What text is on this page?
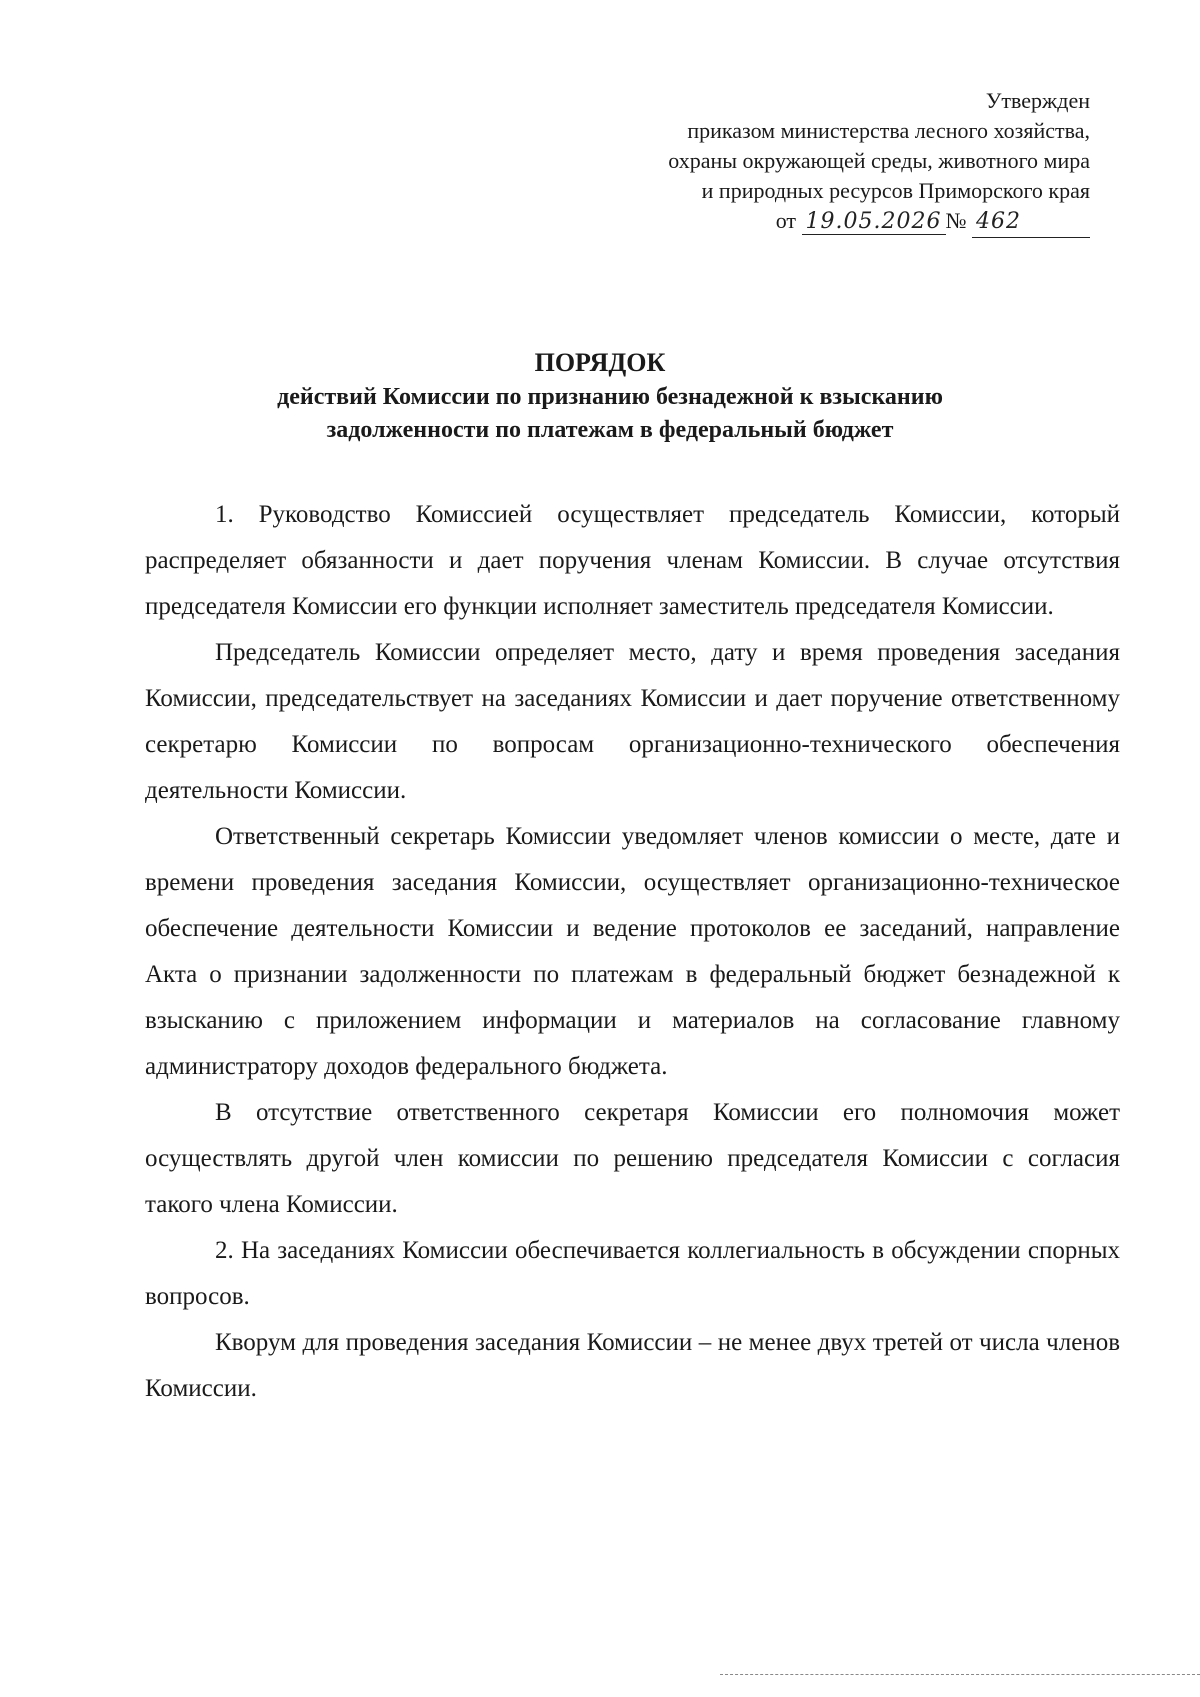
Утвержден
приказом министерства лесного хозяйства,
охраны окружающей среды, животного мира
и природных ресурсов Приморского края
от 19.05.2026 № 462
ПОРЯДОК
действий Комиссии по признанию безнадежной к взысканию
задолженности по платежам в федеральный бюджет

1. Руководство Комиссией осуществляет председатель Комиссии, который распределяет обязанности и дает поручения членам Комиссии. В случае отсутствия председателя Комиссии его функции исполняет заместитель председателя Комиссии.

Председатель Комиссии определяет место, дату и время проведения заседания Комиссии, председательствует на заседаниях Комиссии и дает поручение ответственному секретарю Комиссии по вопросам организационно-технического обеспечения деятельности Комиссии.

Ответственный секретарь Комиссии уведомляет членов комиссии о месте, дате и времени проведения заседания Комиссии, осуществляет организационно-техническое обеспечение деятельности Комиссии и ведение протоколов ее заседаний, направление Акта о признании задолженности по платежам в федеральный бюджет безнадежной к взысканию с приложением информации и материалов на согласование главному администратору доходов федерального бюджета.

В отсутствие ответственного секретаря Комиссии его полномочия может осуществлять другой член комиссии по решению председателя Комиссии с согласия такого члена Комиссии.

2. На заседаниях Комиссии обеспечивается коллегиальность в обсуждении спорных вопросов.

Кворум для проведения заседания Комиссии – не менее двух третей от числа членов Комиссии.
